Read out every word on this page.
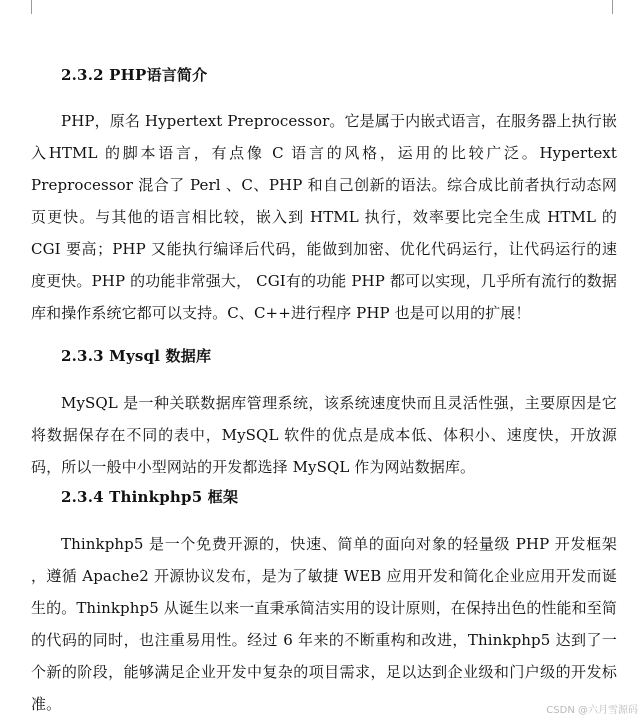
2.3.2 PHP语言简介
PHP，原名 Hypertext Preprocessor。它是属于内嵌式语言，在服务器上执行嵌入HTML 的脚本语言，有点像 C 语言的风格，运用的比较广泛。Hypertext Preprocessor 混合了 Perl 、C、PHP 和自己创新的语法。综合成比前者执行动态网页更快。与其他的语言相比较，嵌入到 HTML 执行，效率要比完全生成 HTML 的 CGI 要高；PHP 又能执行编译后代码，能做到加密、优化代码运行，让代码运行的速度更快。PHP 的功能非常强大， CGI有的功能 PHP 都可以实现，几乎所有流行的数据库和操作系统它都可以支持。C、C++进行程序 PHP 也是可以用的扩展！
2.3.3 Mysql 数据库
MySQL 是一种关联数据库管理系统，该系统速度快而且灵活性强，主要原因是它将数据保存在不同的表中，MySQL 软件的优点是成本低、体积小、速度快，开放源码，所以一般中小型网站的开发都选择 MySQL 作为网站数据库。
2.3.4 Thinkphp5 框架
Thinkphp5 是一个免费开源的，快速、简单的面向对象的轻量级 PHP 开发框架 ，遵循 Apache2 开源协议发布，是为了敏捷 WEB 应用开发和简化企业应用开发而诞生的。Thinkphp5 从诞生以来一直秉承简洁实用的设计原则，在保持出色的性能和至简的代码的同时，也注重易用性。经过 6 年来的不断重构和改进，Thinkphp5 达到了一个新的阶段，能够满足企业开发中复杂的项目需求，足以达到企业级和门户级的开发标准。	CSDN @六月雪源码
